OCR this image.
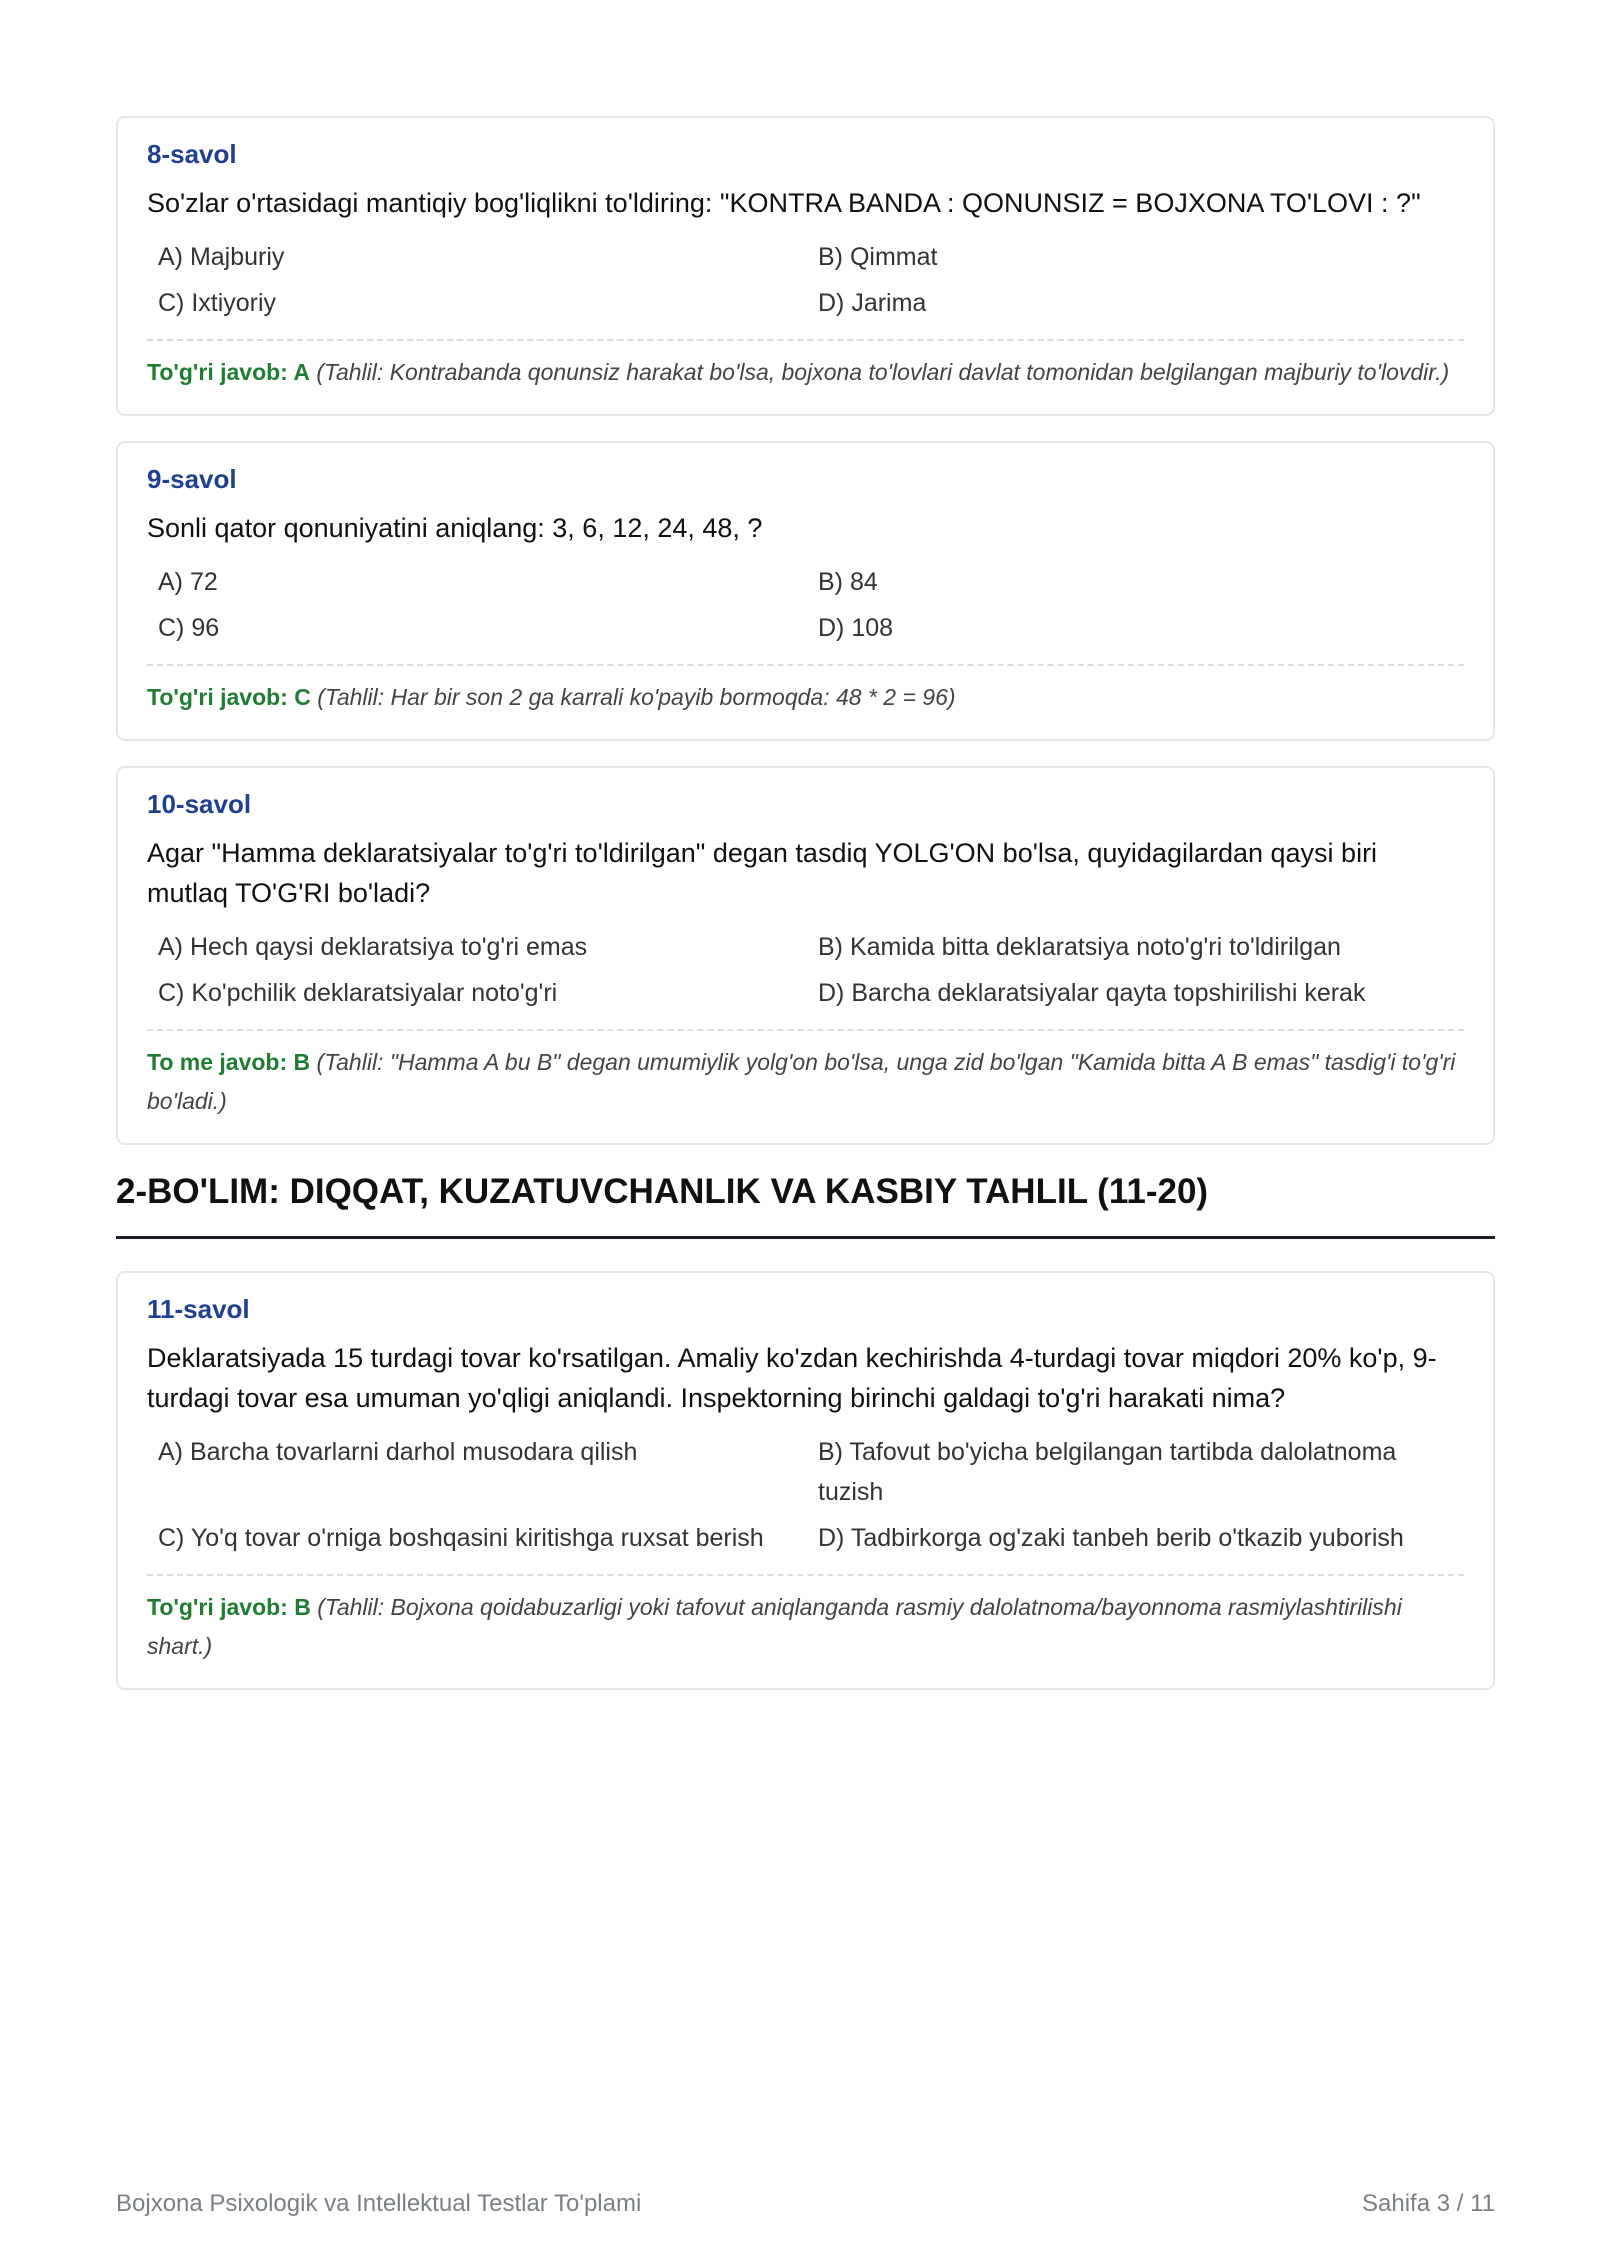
8-savol
So'zlar o'rtasidagi mantiqiy bog'liqlikni to'ldiring: "KONTRA BANDA : QONUNSIZ = BOJXONA TO'LOVI : ?"
A) Majburiy	B) Qimmat
C) Ixtiyoriy	D) Jarima
To'g'ri javob: A (Tahlil: Kontrabanda qonunsiz harakat bo'lsa, bojxona to'lovlari davlat tomonidan belgilangan majburiy to'lovdir.)
9-savol
Sonli qator qonuniyatini aniqlang: 3, 6, 12, 24, 48, ?
A) 72	B) 84
C) 96	D) 108
To'g'ri javob: C (Tahlil: Har bir son 2 ga karrali ko'payib bormoqda: 48 * 2 = 96)
10-savol
Agar "Hamma deklaratsiyalar to'g'ri to'ldirilgan" degan tasdiq YOLG'ON bo'lsa, quyidagilardan qaysi biri mutlaq TO'G'RI bo'ladi?
A) Hech qaysi deklaratsiya to'g'ri emas	B) Kamida bitta deklaratsiya noto'g'ri to'ldirilgan
C) Ko'pchilik deklaratsiyalar noto'g'ri	D) Barcha deklaratsiyalar qayta topshirilishi kerak
To me javob: B (Tahlil: "Hamma A bu B" degan umumiylik yolg'on bo'lsa, unga zid bo'lgan "Kamida bitta A B emas" tasdig'i to'g'ri bo'ladi.)
2-BO'LIM: DIQQAT, KUZATUVCHANLIK VA KASBIY TAHLIL (11-20)
11-savol
Deklaratsiyada 15 turdagi tovar ko'rsatilgan. Amaliy ko'zdan kechirishda 4-turdagi tovar miqdori 20% ko'p, 9-turdagi tovar esa umuman yo'qligi aniqlandi. Inspektorning birinchi galdagi to'g'ri harakati nima?
A) Barcha tovarlarni darhol musodara qilish	B) Tafovut bo'yicha belgilangan tartibda dalolatnoma tuzish
C) Yo'q tovar o'rniga boshqasini kiritishga ruxsat berish	D) Tadbirkorga og'zaki tanbeh berib o'tkazib yuborish
To'g'ri javob: B (Tahlil: Bojxona qoidabuzarligi yoki tafovut aniqlanganda rasmiy dalolatnoma/bayonnoma rasmiylashtirilishi shart.)
Bojxona Psixologik va Intellektual Testlar To'plami	Sahifa 3 / 11
